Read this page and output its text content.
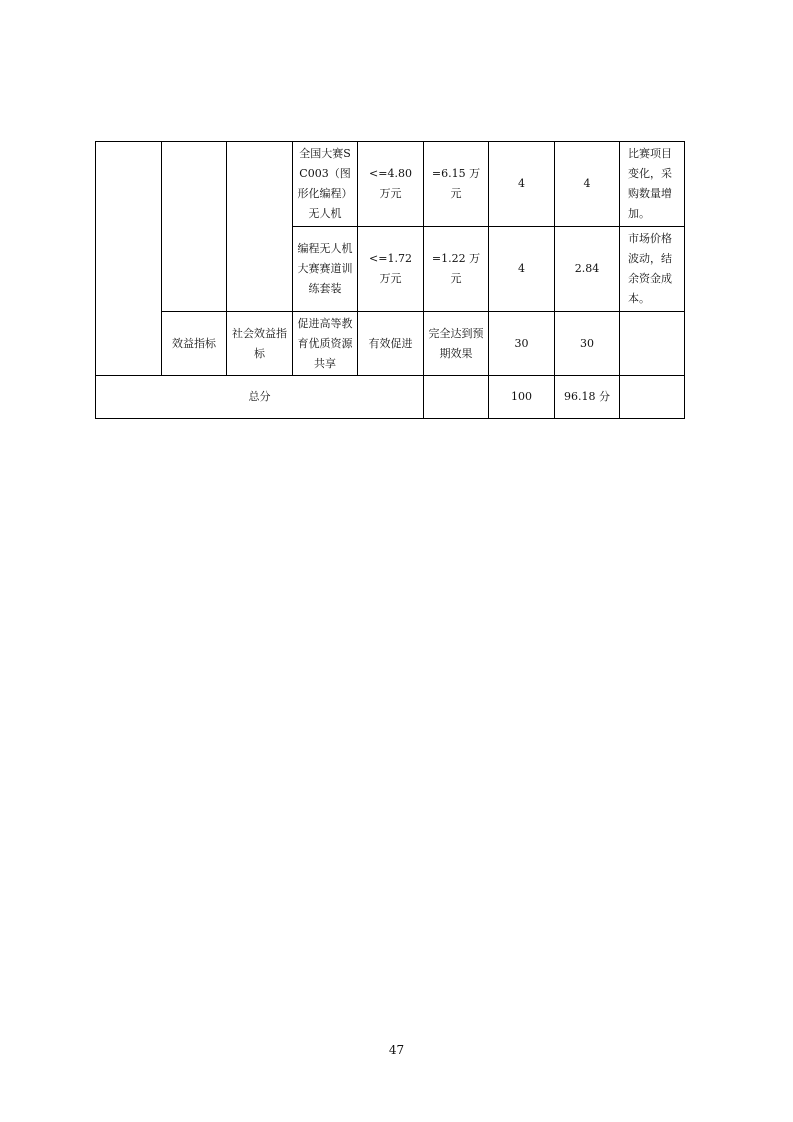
			全国大赛SC003（图形化编程）无人机	<=4.80 万元	=6.15 万元	4	4	比赛项目变化，采购数量增加。
			编程无人机大赛赛道训练套装	<=1.72 万元	=1.22 万元	4	2.84	市场价格波动，结余资金成本。
	效益指标	社会效益指标	促进高等教育优质资源共享	有效促进	完全达到预期效果	30	30	
总分						100	96.18 分	
47
